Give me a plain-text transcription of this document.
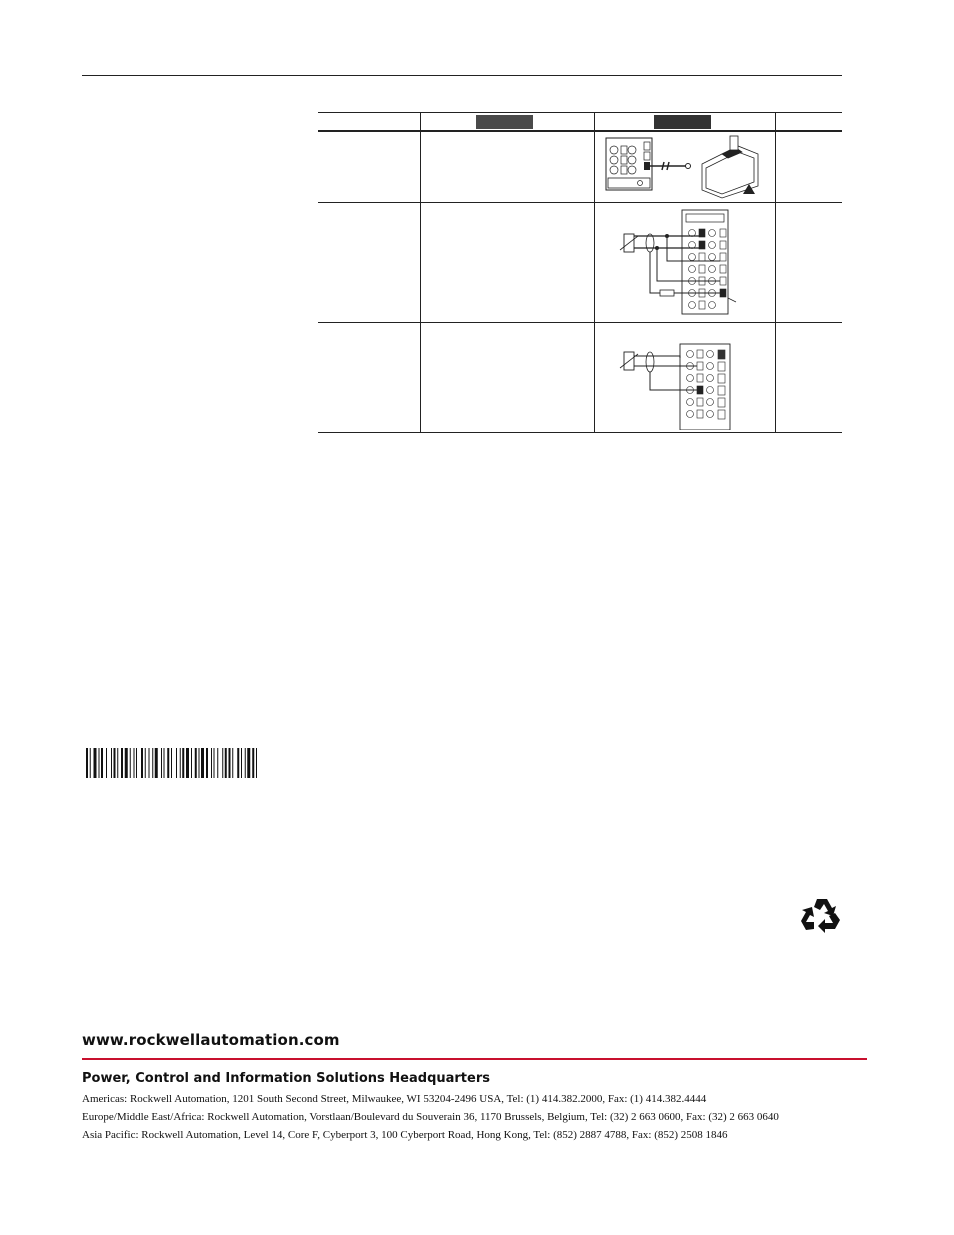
www.rockwellautomation.com
Power, Control and Information Solutions Headquarters
Americas: Rockwell Automation, 1201 South Second Street, Milwaukee, WI 53204-2496 USA, Tel: (1) 414.382.2000, Fax: (1) 414.382.4444
Europe/Middle East/Africa: Rockwell Automation, Vorstlaan/Boulevard du Souverain 36, 1170 Brussels, Belgium, Tel: (32) 2 663 0600, Fax: (32) 2 663 0640
Asia Pacific: Rockwell Automation, Level 14, Core F, Cyberport 3, 100 Cyberport Road, Hong Kong, Tel: (852) 2887 4788, Fax: (852) 2508 1846
